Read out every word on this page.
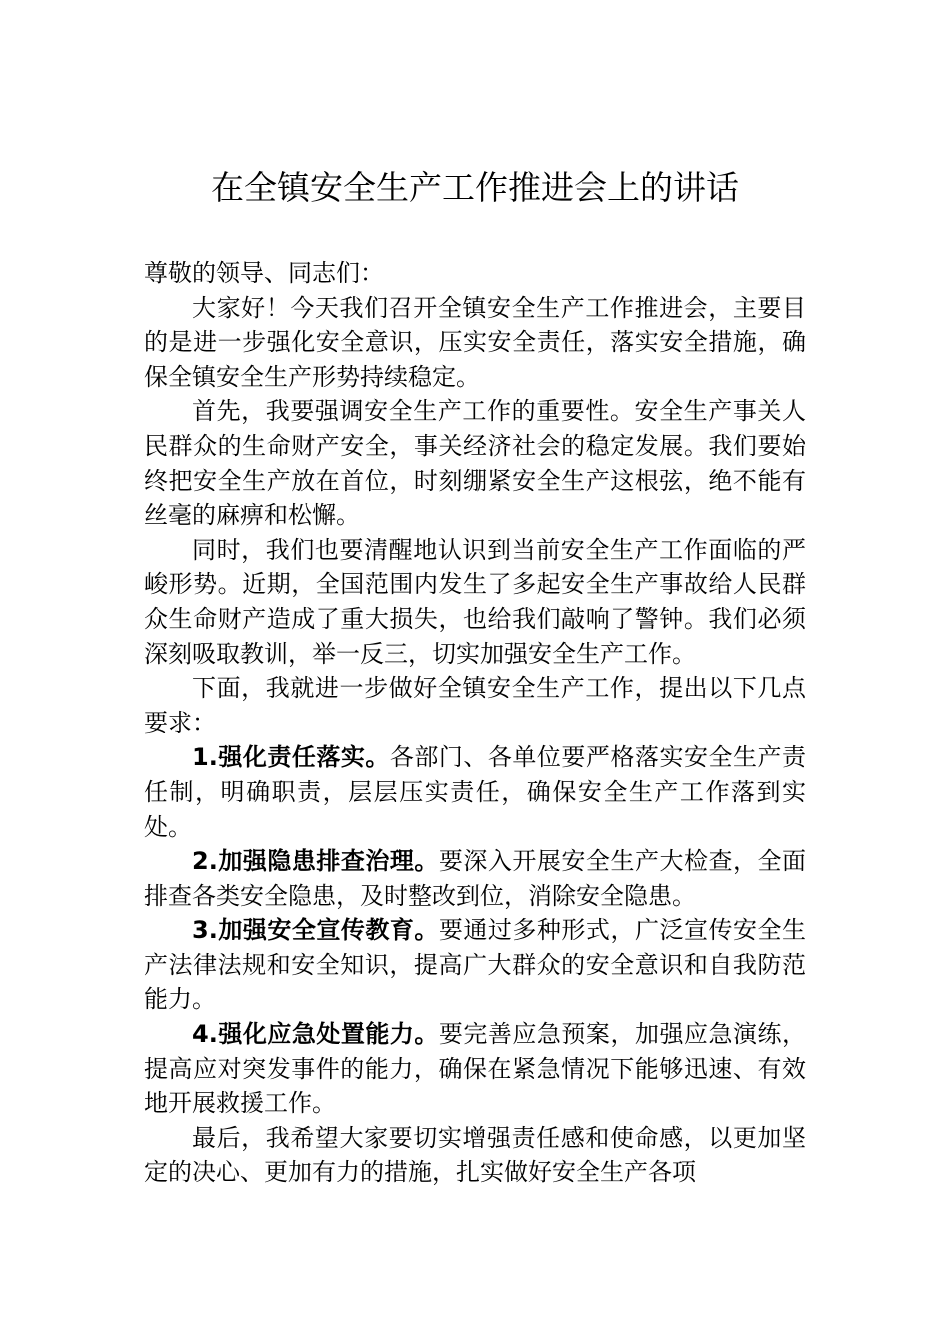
在全镇安全生产工作推进会上的讲话

尊敬的领导、同志们：

大家好！今天我们召开全镇安全生产工作推进会，主要目的是进一步强化安全意识，压实安全责任，落实安全措施，确保全镇安全生产形势持续稳定。

首先，我要强调安全生产工作的重要性。安全生产事关人民群众的生命财产安全，事关经济社会的稳定发展。我们要始终把安全生产放在首位，时刻绷紧安全生产这根弦，绝不能有丝毫的麻痹和松懈。

同时，我们也要清醒地认识到当前安全生产工作面临的严峻形势。近期，全国范围内发生了多起安全生产事故给人民群众生命财产造成了重大损失，也给我们敲响了警钟。我们必须深刻吸取教训，举一反三，切实加强安全生产工作。

下面，我就进一步做好全镇安全生产工作，提出以下几点要求：

1.强化责任落实。各部门、各单位要严格落实安全生产责任制，明确职责，层层压实责任，确保安全生产工作落到实处。

2.加强隐患排查治理。要深入开展安全生产大检查，全面排查各类安全隐患，及时整改到位，消除安全隐患。

3.加强安全宣传教育。要通过多种形式，广泛宣传安全生产法律法规和安全知识，提高广大群众的安全意识和自我防范能力。

4.强化应急处置能力。要完善应急预案，加强应急演练，提高应对突发事件的能力，确保在紧急情况下能够迅速、有效地开展救援工作。

最后，我希望大家要切实增强责任感和使命感，以更加坚定的决心、更加有力的措施，扎实做好安全生产各项
